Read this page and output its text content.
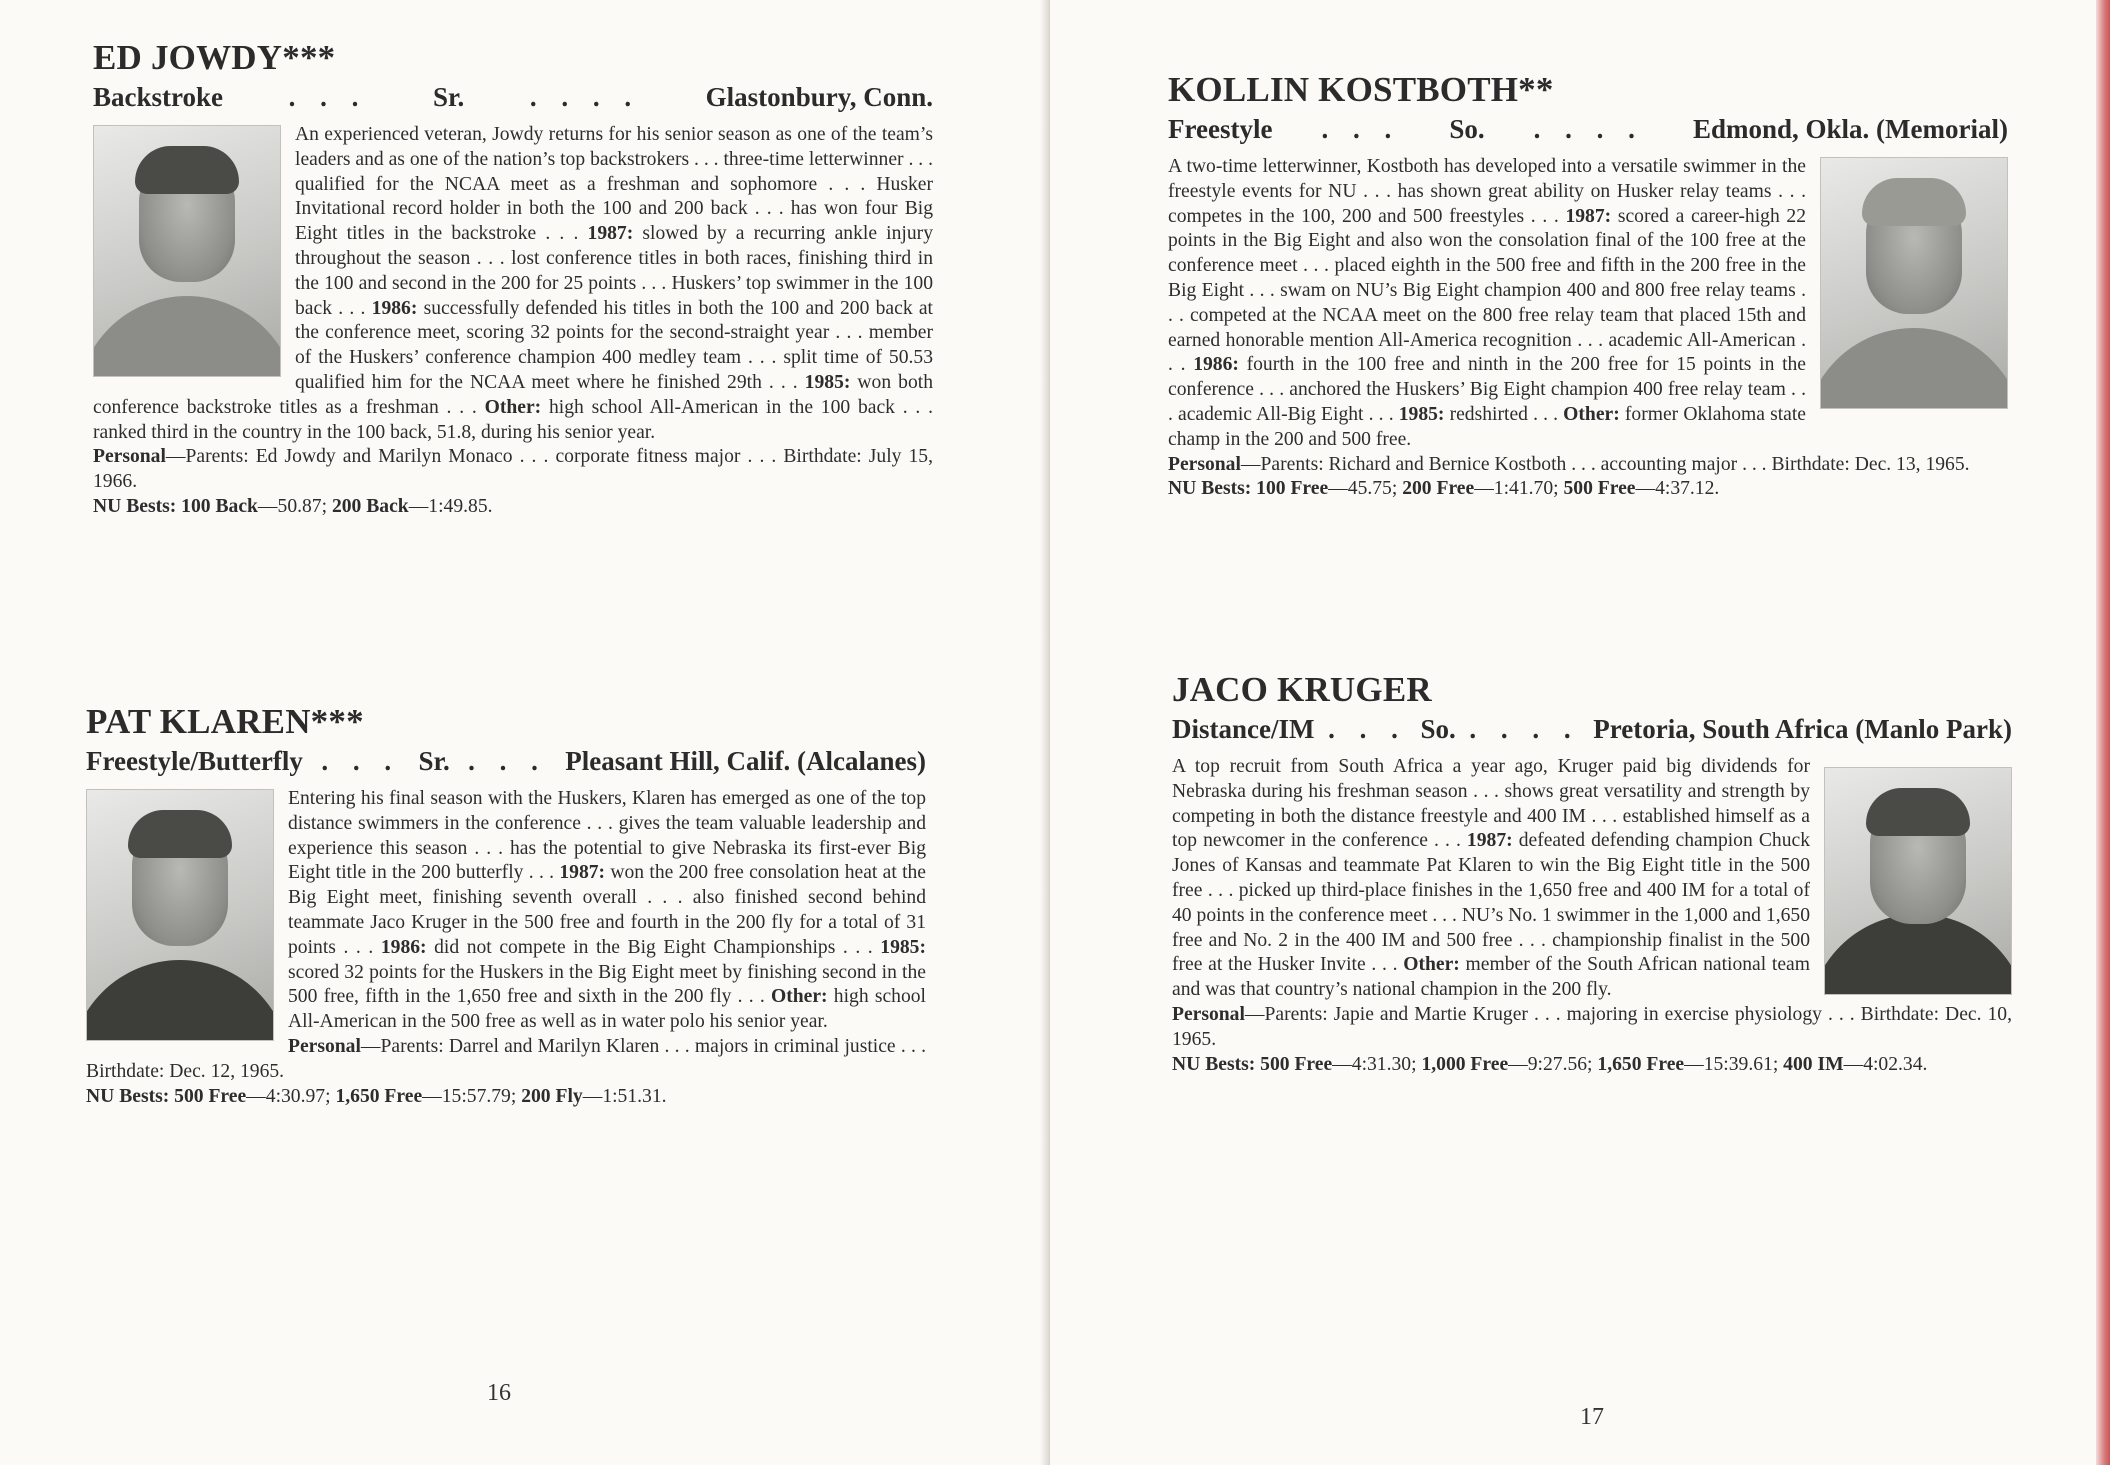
ED JOWDY***
Backstroke . . . Sr. . . . . Glastonbury, Conn.
An experienced veteran, Jowdy returns for his senior season as one of the team’s leaders and as one of the nation’s top backstrokers . . . three-time letterwinner . . . qualified for the NCAA meet as a freshman and sophomore . . . Husker Invitational record holder in both the 100 and 200 back . . . has won four Big Eight titles in the backstroke . . . 1987: slowed by a recurring ankle injury throughout the season . . . lost conference titles in both races, finishing third in the 100 and second in the 200 for 25 points . . . Huskers’ top swimmer in the 100 back . . . 1986: successfully defended his titles in both the 100 and 200 back at the conference meet, scoring 32 points for the second-straight year . . . member of the Huskers’ conference champion 400 medley team . . . split time of 50.53 qualified him for the NCAA meet where he finished 29th . . . 1985: won both conference backstroke titles as a freshman . . . Other: high school All-American in the 100 back . . . ranked third in the country in the 100 back, 51.8, during his senior year.
Personal—Parents: Ed Jowdy and Marilyn Monaco . . . corporate fitness major . . . Birthdate: July 15, 1966.
NU Bests: 100 Back—50.87; 200 Back—1:49.85.
PAT KLAREN***
Freestyle/Butterfly . . . Sr. . . . Pleasant Hill, Calif. (Alcalanes)
Entering his final season with the Huskers, Klaren has emerged as one of the top distance swimmers in the conference . . . gives the team valuable leadership and experience this season . . . has the potential to give Nebraska its first-ever Big Eight title in the 200 butterfly . . . 1987: won the 200 free consolation heat at the Big Eight meet, finishing seventh overall . . . also finished second behind teammate Jaco Kruger in the 500 free and fourth in the 200 fly for a total of 31 points . . . 1986: did not compete in the Big Eight Championships . . . 1985: scored 32 points for the Huskers in the Big Eight meet by finishing second in the 500 free, fifth in the 1,650 free and sixth in the 200 fly . . . Other: high school All-American in the 500 free as well as in water polo his senior year.
Personal—Parents: Darrel and Marilyn Klaren . . . majors in criminal justice . . . Birthdate: Dec. 12, 1965.
NU Bests: 500 Free—4:30.97; 1,650 Free—15:57.79; 200 Fly—1:51.31.
16
KOLLIN KOSTBOTH**
Freestyle . . . So. . . . . Edmond, Okla. (Memorial)
A two-time letterwinner, Kostboth has developed into a versatile swimmer in the freestyle events for NU . . . has shown great ability on Husker relay teams . . . competes in the 100, 200 and 500 freestyles . . . 1987: scored a career-high 22 points in the Big Eight and also won the consolation final of the 100 free at the conference meet . . . placed eighth in the 500 free and fifth in the 200 free in the Big Eight . . . swam on NU’s Big Eight champion 400 and 800 free relay teams . . . competed at the NCAA meet on the 800 free relay team that placed 15th and earned honorable mention All-America recognition . . . academic All-American . . . 1986: fourth in the 100 free and ninth in the 200 free for 15 points in the conference . . . anchored the Huskers’ Big Eight champion 400 free relay team . . . academic All-Big Eight . . . 1985: redshirted . . . Other: former Oklahoma state champ in the 200 and 500 free.
Personal—Parents: Richard and Bernice Kostboth . . . accounting major . . . Birthdate: Dec. 13, 1965.
NU Bests: 100 Free—45.75; 200 Free—1:41.70; 500 Free—4:37.12.
JACO KRUGER
Distance/IM . . . So. . . . . Pretoria, South Africa (Manlo Park)
A top recruit from South Africa a year ago, Kruger paid big dividends for Nebraska during his freshman season . . . shows great versatility and strength by competing in both the distance freestyle and 400 IM . . . established himself as a top newcomer in the conference . . . 1987: defeated defending champion Chuck Jones of Kansas and teammate Pat Klaren to win the Big Eight title in the 500 free . . . picked up third-place finishes in the 1,650 free and 400 IM for a total of 40 points in the conference meet . . . NU’s No. 1 swimmer in the 1,000 and 1,650 free and No. 2 in the 400 IM and 500 free . . . championship finalist in the 500 free at the Husker Invite . . . Other: member of the South African national team and was that country’s national champion in the 200 fly.
Personal—Parents: Japie and Martie Kruger . . . majoring in exercise physiology . . . Birthdate: Dec. 10, 1965.
NU Bests: 500 Free—4:31.30; 1,000 Free—9:27.56; 1,650 Free—15:39.61; 400 IM—4:02.34.
17
